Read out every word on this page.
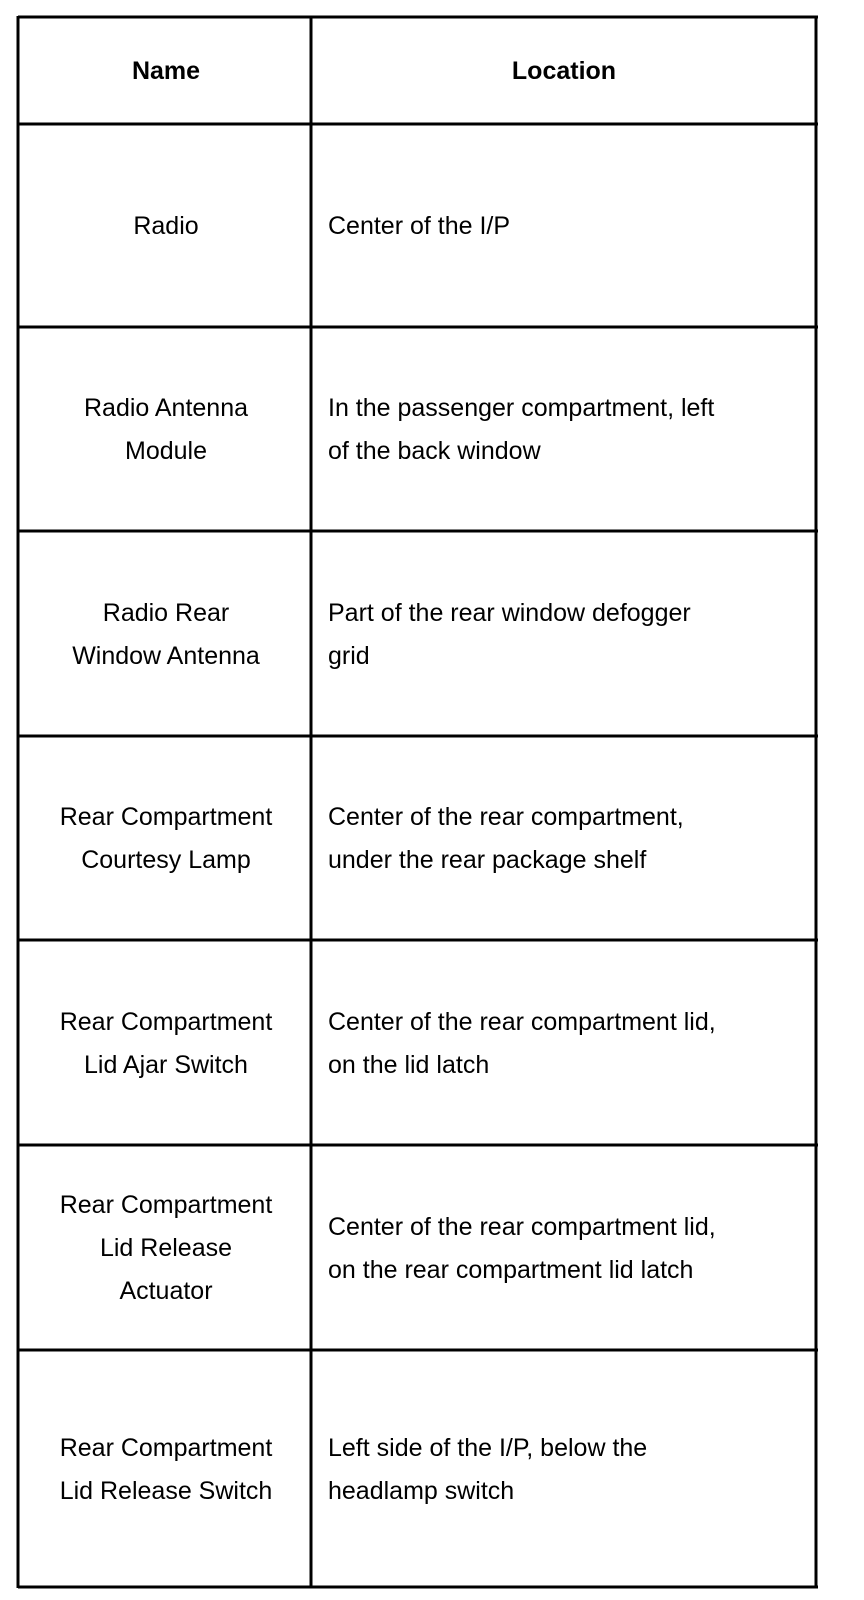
Name	Location
Radio	Center of the I/P
Radio Antenna
Module
In the passenger compartment, left
of the back window
Radio Rear
Window Antenna
Part of the rear window defogger
grid
Rear Compartment
Courtesy Lamp
Center of the rear compartment,
under the rear package shelf
Rear Compartment
Lid Ajar Switch
Center of the rear compartment lid,
on the lid latch
Rear Compartment
Lid Release
Actuator
Center of the rear compartment lid,
on the rear compartment lid latch
Rear Compartment
Lid Release Switch
Left side of the I/P, below the
headlamp switch
